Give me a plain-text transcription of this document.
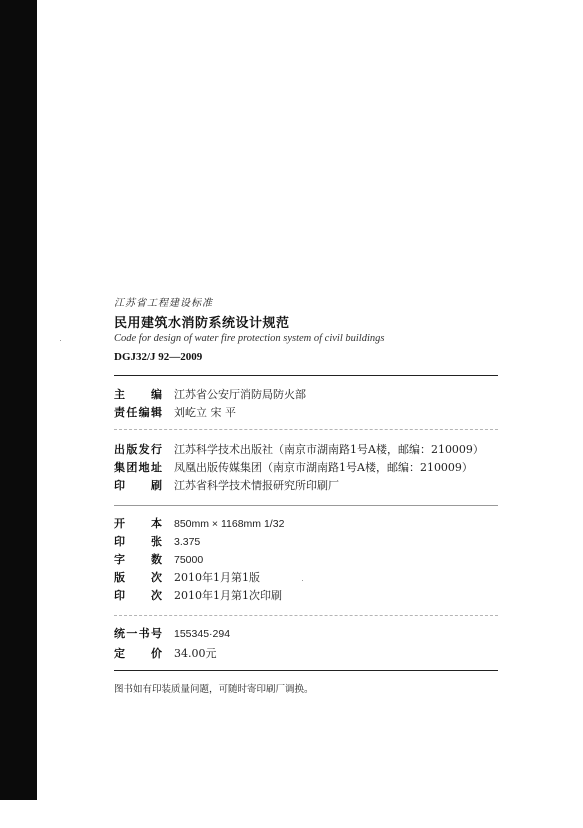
江苏省工程建设标准
民用建筑水消防系统设计规范
Code for design of water fire protection system of civil buildings
DGJ32/J 92—2009
主编 江苏省公安厅消防局防火部
责任编辑 刘屹立 宋 平
出版发行 江苏科学技术出版社（南京市湖南路1号A楼，邮编：210009）
集团地址 凤凰出版传媒集团（南京市湖南路1号A楼，邮编：210009）
印刷 江苏省科学技术情报研究所印刷厂
开本 850mm × 1168mm 1/32
印张 3.375
字数 75000
版次 2010年1月第1版
印次 2010年1月第1次印刷
统一书号 155345·294
定价 34.00元
图书如有印装质量问题，可随时寄印刷厂调换。
